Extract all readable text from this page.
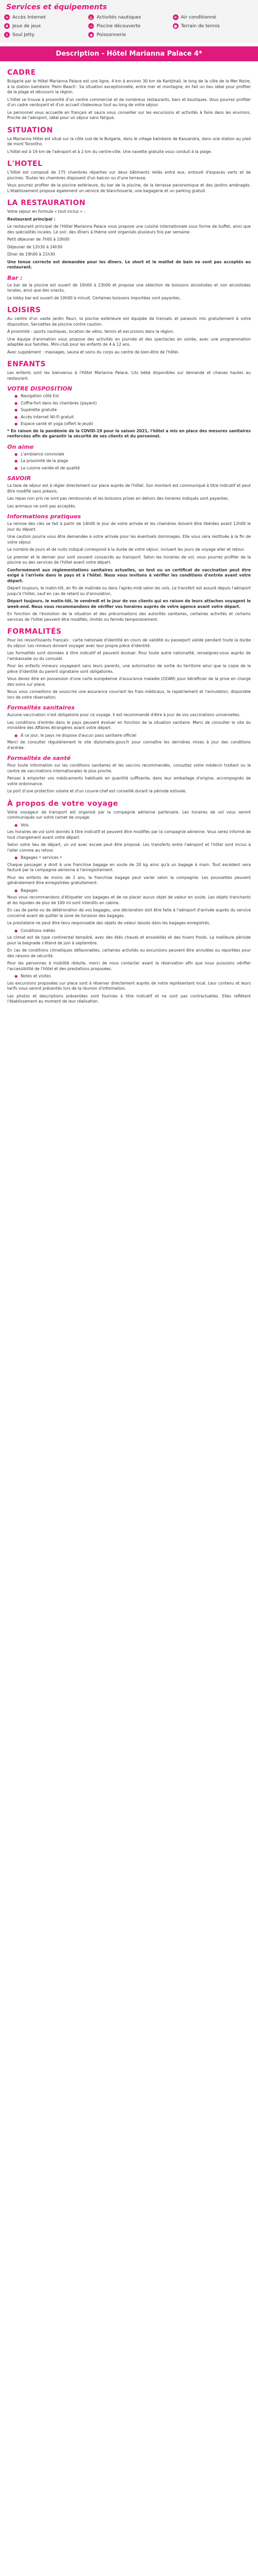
Services et équipements
≋ Accès Internet	⛵ Activités nautiques	❄ Air conditionné
♣ Jeux de jeux	≈ Piscine découverte	● Terrain de tennis
⚓ Soul Jetty	◆ Poissonnerie
Description - Hôtel Marianna Palace 4*
CADRE

Bulgarie par le Hôtel Marianna Palace est une ligne, 4 km à environ 30 km de Kardzhali, le long de la côte de la Mer Noire, à la station balnéaire 'Palm Beach'. Sa situation exceptionnelle, entre mer et montagne, en fait un lieu idéal pour profiter de la plage et découvrir la région.

L'hôtel se trouve à proximité d'un centre commercial et de nombreux restaurants, bars et boutiques. Vous pourrez profiter d'un cadre verdoyant et d'un accueil chaleureux tout au long de votre séjour.

Le personnel vous accueille en français et saura vous conseiller sur les excursions et activités à faire dans les environs. Proche de l'aéroport, idéal pour un séjour sans fatigue.

SITUATION

La Marianna Hôtel est situé sur la côte sud de la Bulgarie, dans le village balnéaire de Kassandra, dans une station au pied de mont Torontho.

L'hôtel est à 19 km de l'aéroport et à 2 km du centre-ville. Une navette gratuite vous conduit à la plage.

L'HOTEL

L'hôtel est composé de 175 chambres réparties sur deux bâtiments reliés entre eux, entouré d'espaces verts et de piscines. Toutes les chambres disposent d'un balcon ou d'une terrasse.

Vous pourrez profiter de la piscine extérieure, du bar de la piscine, de la terrasse panoramique et des jardins aménagés. L'établissement propose également un service de blanchisserie, une bagagerie et un parking gratuit.

LA RESTAURATION

Votre séjour en formule « tout inclus » :

Restaurant principal :

Le restaurant principal de l'Hôtel Marianna Palace vous propose une cuisine internationale sous forme de buffet, ainsi que des spécialités locales. Le soir, des dîners à thème sont organisés plusieurs fois par semaine.

Petit déjeuner de 7h00 à 10h00

Déjeuner de 12h30 à 14h30

Dîner de 19h00 à 21h30

Une tenue correcte est demandée pour les dîners. Le short et le maillot de bain ne sont pas acceptés au restaurant.

Bar :

Le bar de la piscine est ouvert de 10h00 à 23h00 et propose une sélection de boissons alcoolisées et non alcoolisées locales, ainsi que des snacks.

Le lobby bar est ouvert de 10h00 à minuit. Certaines boissons importées sont payantes.

LOISIRS

Au centre d'un vaste jardin fleuri, la piscine extérieure est équipée de transats et parasols mis gratuitement à votre disposition. Serviettes de piscine contre caution.

À proximité : sports nautiques, location de vélos, tennis et excursions dans la région.

Une équipe d'animation vous propose des activités en journée et des spectacles en soirée, avec une programmation adaptée aux familles. Mini-club pour les enfants de 4 à 12 ans.

Avec supplément : massages, sauna et soins du corps au centre de bien-être de l'hôtel.

ENFANTS

Les enfants sont les bienvenus à l'Hôtel Marianna Palace. Lits bébé disponibles sur demande et chaises hautes au restaurant.

VOTRE DISPOSITION
● Navigation côté Est
● Coffre-fort dans les chambres (payant)
● Supérette gratuite
● Accès internet Wi-Fi gratuit
● Espace santé et yoga (offert le jeudi)

* En raison de la pandémie de la COVID-19 pour la saison 2021, l'hôtel a mis en place des mesures sanitaires renforcées afin de garantir la sécurité de ses clients et du personnel.

On aime
● L'ambiance conviviale
● La proximité de la plage
● La cuisine variée et de qualité
SAVOIR

La taxe de séjour est à régler directement sur place auprès de l'hôtel. Son montant est communiqué à titre indicatif et peut être modifié sans préavis.

Les repas non pris ne sont pas remboursés et les boissons prises en dehors des horaires indiqués sont payantes.

Les animaux ne sont pas acceptés.

Informations pratiques

La remise des clés se fait à partir de 14h00 le jour de votre arrivée et les chambres doivent être libérées avant 12h00 le jour du départ.

Une caution pourra vous être demandée à votre arrivée pour les éventuels dommages. Elle vous sera restituée à la fin de votre séjour.

Le nombre de jours et de nuits indiqué correspond à la durée de votre séjour, incluant les jours de voyage aller et retour.

Le premier et le dernier jour sont souvent consacrés au transport. Selon les horaires de vol, vous pourrez profiter de la piscine ou des services de l'hôtel avant votre départ.

Conformément aux réglementations sanitaires actuelles, un test ou un certificat de vaccination peut être exigé à l'arrivée dans le pays et à l'hôtel. Nous vous invitons à vérifier les conditions d'entrée avant votre départ.

Départ toujours, le matin-tôt, en fin de matinée ou dans l'après-midi selon les vols. Le transfert est assuré depuis l'aéroport jusqu'à l'hôtel, sauf en cas de retard ou d'annulation.

Départ toujours, le matin-tôt, le vendredi et le jour de vos clients qui en raison de leurs attaches voyagent le week-end. Nous vous recommandons de vérifier vos horaires auprès de votre agence avant votre départ.

En fonction de l'évolution de la situation et des préconisations des autorités sanitaires, certaines activités et certains services de l'hôtel peuvent être modifiés, limités ou fermés temporairement.

FORMALITÉS

Pour les ressortissants français : carte nationale d'identité en cours de validité ou passeport valide pendant toute la durée du séjour. Les mineurs doivent voyager avec leur propre pièce d'identité.

Les formalités sont données à titre indicatif et peuvent évoluer. Pour toute autre nationalité, renseignez-vous auprès de l'ambassade ou du consulat.

Pour les enfants mineurs voyageant sans leurs parents, une autorisation de sortie du territoire ainsi que la copie de la pièce d'identité du parent signataire sont obligatoires.

Vous devez être en possession d'une carte européenne d'assurance maladie (CEAM) pour bénéficier de la prise en charge des soins sur place.

Nous vous conseillons de souscrire une assurance couvrant les frais médicaux, le rapatriement et l'annulation, disponible lors de votre réservation.

Formalités sanitaires

Aucune vaccination n'est obligatoire pour ce voyage. Il est recommandé d'être à jour de vos vaccinations universelles.

Les conditions d'entrée dans le pays peuvent évoluer en fonction de la situation sanitaire. Merci de consulter le site du ministère des Affaires étrangères avant votre départ.

● À ce jour, le pays ne dispose d'aucun pass sanitaire officiel

Merci de consulter régulièrement le site diplomatie.gouv.fr pour connaître les dernières mises à jour des conditions d'entrée.

Formalités de santé

Pour toute information sur les conditions sanitaires et les vaccins recommandés, consultez votre médecin traitant ou le centre de vaccinations internationales le plus proche.

Pensez à emporter vos médicaments habituels en quantité suffisante, dans leur emballage d'origine, accompagnés de votre ordonnance.

Le port d'une protection solaire et d'un couvre-chef est conseillé durant la période estivale.

À propos de votre voyage

Votre voyageur de transport est organisé par la compagnie aérienne partenaire. Les horaires de vol vous seront communiqués sur votre carnet de voyage.

● Vols

Les horaires de vol sont donnés à titre indicatif et peuvent être modifiés par la compagnie aérienne. Vous serez informé de tout changement avant votre départ.

Selon votre lieu de départ, un vol avec escale peut être proposé. Les transferts entre l'aéroport et l'hôtel sont inclus à l'aller comme au retour.

● Bagages • services •

Chaque passager a droit à une franchise bagage en soute de 20 kg ainsi qu'à un bagage à main. Tout excédent sera facturé par la compagnie aérienne à l'enregistrement.

Pour les enfants de moins de 2 ans, la franchise bagage peut varier selon la compagnie. Les poussettes peuvent généralement être enregistrées gratuitement.

● Bagages

Nous vous recommandons d'étiqueter vos bagages et de ne placer aucun objet de valeur en soute. Les objets tranchants et les liquides de plus de 100 ml sont interdits en cabine.

En cas de perte ou de détérioration de vos bagages, une déclaration doit être faite à l'aéroport d'arrivée auprès du service concerné avant de quitter la zone de livraison des bagages.

Le prestataire ne peut être tenu responsable des objets de valeur laissés dans les bagages enregistrés.

● Conditions météo

Le climat est de type continental tempéré, avec des étés chauds et ensoleillés et des hivers froids. La meilleure période pour la baignade s'étend de juin à septembre.

En cas de conditions climatiques défavorables, certaines activités ou excursions peuvent être annulées ou reportées pour des raisons de sécurité.

Pour les personnes à mobilité réduite, merci de nous contacter avant la réservation afin que nous puissions vérifier l'accessibilité de l'hôtel et des prestations proposées.

● Notes et visites

Les excursions proposées sur place sont à réserver directement auprès de notre représentant local. Leur contenu et leurs tarifs vous seront présentés lors de la réunion d'information.

Les photos et descriptions présentées sont fournies à titre indicatif et ne sont pas contractuelles. Elles reflètent l'établissement au moment de leur réalisation.
